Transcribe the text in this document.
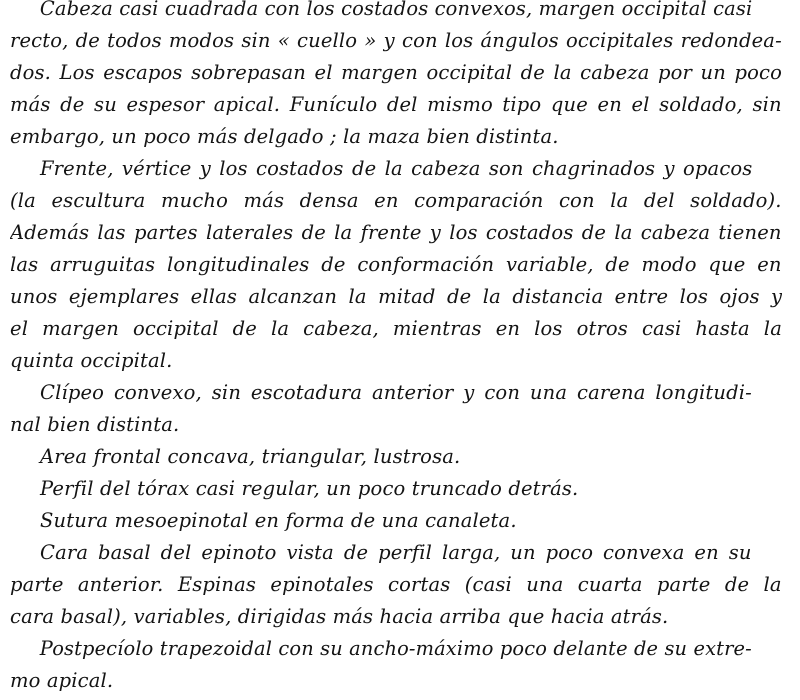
Cabeza casi cuadrada con los costados convexos, margen occipital casi
recto, de todos modos sin « cuello » y con los ángulos occipitales redondea-
dos. Los escapos sobrepasan el margen occipital de la cabeza por un poco
más de su espesor apical. Funículo del mismo tipo que en el soldado, sin
embargo, un poco más delgado ; la maza bien distinta.
Frente, vértice y los costados de la cabeza son chagrinados y opacos
(la escultura mucho más densa en comparación con la del soldado).
Además las partes laterales de la frente y los costados de la cabeza tienen
las arruguitas longitudinales de conformación variable, de modo que en
unos ejemplares ellas alcanzan la mitad de la distancia entre los ojos y
el margen occipital de la cabeza, mientras en los otros casi hasta la
quinta occipital.
Clípeo convexo, sin escotadura anterior y con una carena longitudi-
nal bien distinta.
Area frontal concava, triangular, lustrosa.
Perfil del tórax casi regular, un poco truncado detrás.
Sutura mesoepinotal en forma de una canaleta.
Cara basal del epinoto vista de perfil larga, un poco convexa en su
parte anterior. Espinas epinotales cortas (casi una cuarta parte de la
cara basal), variables, dirigidas más hacia arriba que hacia atrás.
Postpecíolo trapezoidal con su ancho-máximo poco delante de su extre-
mo apical.
